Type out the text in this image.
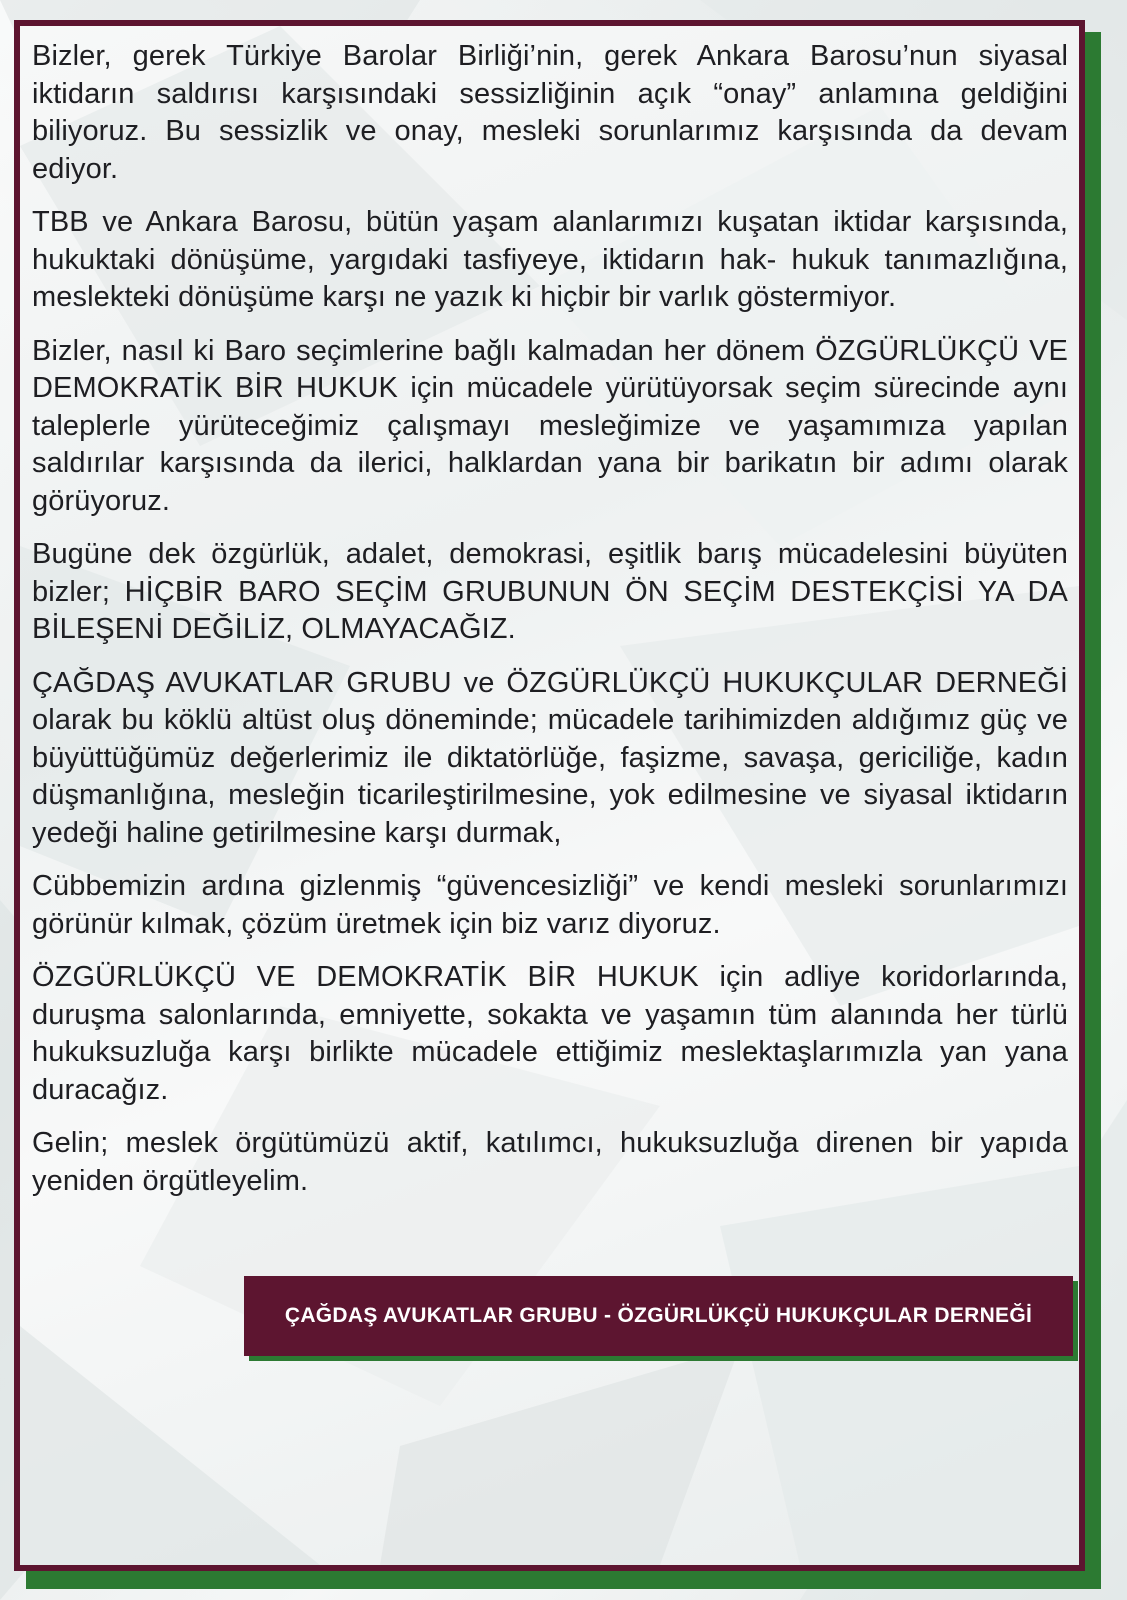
Bizler, gerek Türkiye Barolar Birliği’nin, gerek Ankara Barosu’nun siyasal iktidarın saldırısı karşısındaki sessizliğinin açık “onay” anlamına geldiğini biliyoruz. Bu sessizlik ve onay, mesleki sorunlarımız karşısında da devam ediyor.

TBB ve Ankara Barosu, bütün yaşam alanlarımızı kuşatan iktidar karşısında, hukuktaki dönüşüme, yargıdaki tasfiyeye, iktidarın hak- hukuk tanımazlığına, meslekteki dönüşüme karşı ne yazık ki hiçbir bir varlık göstermiyor.

Bizler, nasıl ki Baro seçimlerine bağlı kalmadan her dönem ÖZGÜRLÜKÇÜ VE DEMOKRATİK BİR HUKUK için mücadele yürütüyorsak seçim sürecinde aynı taleplerle yürüteceğimiz çalışmayı mesleğimize ve yaşamımıza yapılan saldırılar karşısında da ilerici, halklardan yana bir barikatın bir adımı olarak görüyoruz.

Bugüne dek özgürlük, adalet, demokrasi, eşitlik barış mücadelesini büyüten bizler; HİÇBİR BARO SEÇİM GRUBUNUN ÖN SEÇİM DESTEKÇİSİ YA DA BİLEŞENİ DEĞİLİZ, OLMAYACAĞIZ.

ÇAĞDAŞ AVUKATLAR GRUBU ve ÖZGÜRLÜKÇÜ HUKUKÇULAR DERNEĞİ olarak bu köklü altüst oluş döneminde; mücadele tarihimizden aldığımız güç ve büyüttüğümüz değerlerimiz ile diktatörlüğe, faşizme, savaşa, gericiliğe, kadın düşmanlığına, mesleğin ticarileştirilmesine, yok edilmesine ve siyasal iktidarın yedeği haline getirilmesine karşı durmak,

Cübbemizin ardına gizlenmiş “güvencesizliği” ve kendi mesleki sorunlarımızı görünür kılmak, çözüm üretmek için biz varız diyoruz.

ÖZGÜRLÜKÇÜ VE DEMOKRATİK BİR HUKUK için adliye koridorlarında, duruşma salonlarında, emniyette, sokakta ve yaşamın tüm alanında her türlü hukuksuzluğa karşı birlikte mücadele ettiğimiz meslektaşlarımızla yan yana duracağız.

Gelin; meslek örgütümüzü aktif, katılımcı, hukuksuzluğa direnen bir yapıda yeniden örgütleyelim.

ÇAĞDAŞ AVUKATLAR GRUBU - ÖZGÜRLÜKÇÜ HUKUKÇULAR DERNEĞİ
